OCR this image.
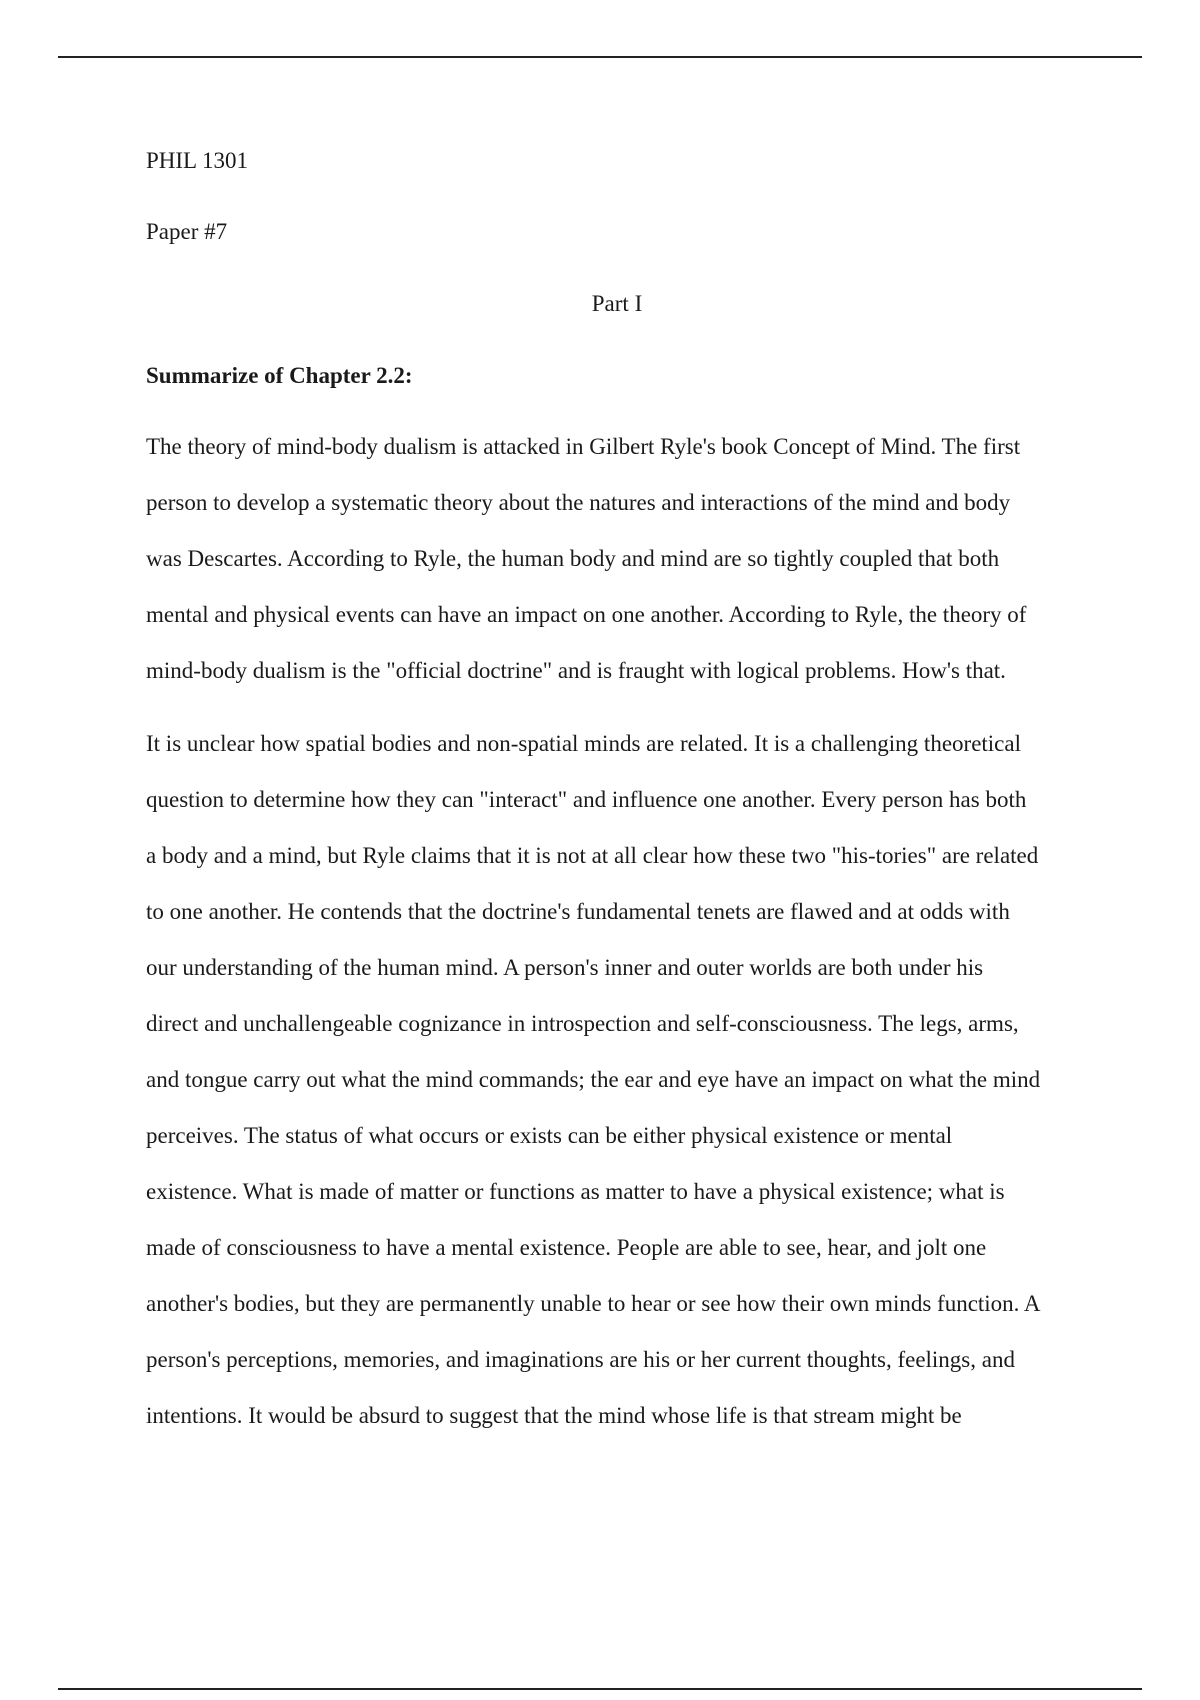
PHIL 1301
Paper #7
Part I
Summarize of Chapter 2.2:
The theory of mind-body dualism is attacked in Gilbert Ryle's book Concept of Mind. The first
person to develop a systematic theory about the natures and interactions of the mind and body
was Descartes. According to Ryle, the human body and mind are so tightly coupled that both
mental and physical events can have an impact on one another. According to Ryle, the theory of
mind-body dualism is the "official doctrine" and is fraught with logical problems. How's that.
It is unclear how spatial bodies and non-spatial minds are related. It is a challenging theoretical
question to determine how they can "interact" and influence one another. Every person has both
a body and a mind, but Ryle claims that it is not at all clear how these two "his-tories" are related
to one another. He contends that the doctrine's fundamental tenets are flawed and at odds with
our understanding of the human mind. A person's inner and outer worlds are both under his
direct and unchallengeable cognizance in introspection and self-consciousness. The legs, arms,
and tongue carry out what the mind commands; the ear and eye have an impact on what the mind
perceives. The status of what occurs or exists can be either physical existence or mental
existence. What is made of matter or functions as matter to have a physical existence; what is
made of consciousness to have a mental existence. People are able to see, hear, and jolt one
another's bodies, but they are permanently unable to hear or see how their own minds function. A
person's perceptions, memories, and imaginations are his or her current thoughts, feelings, and
intentions. It would be absurd to suggest that the mind whose life is that stream might be
